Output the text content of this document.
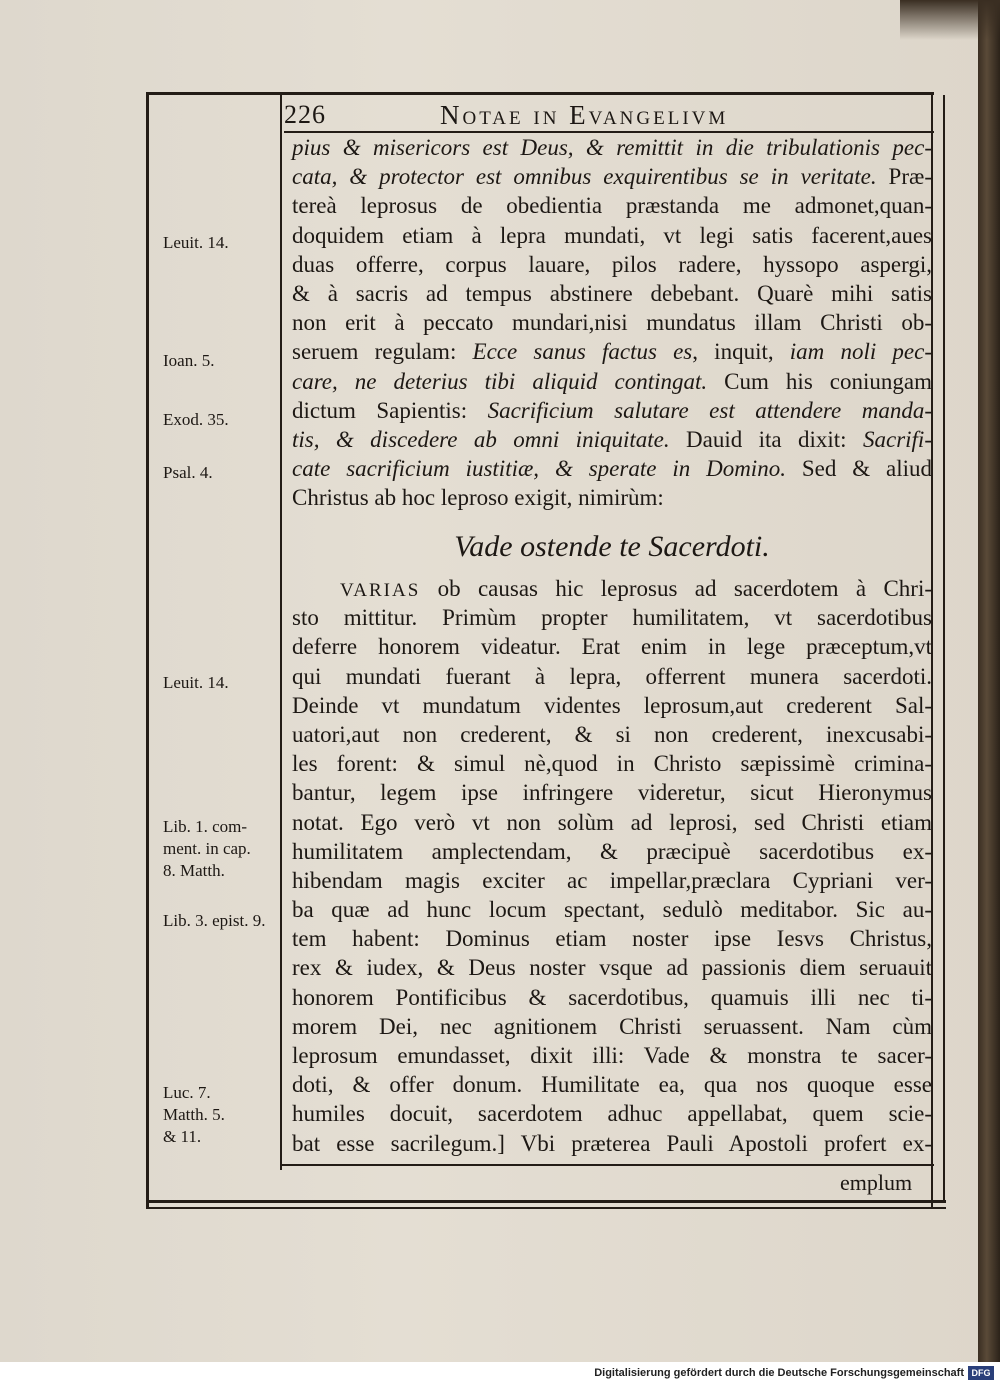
226	Notae in Evangelivm
pius & misericors est Deus, & remittit in die tribulationis pec-
cata, & protector est omnibus exquirentibus se in veritate. Præ-
tereà leprosus de obedientia præstanda me admonet,quan-
doquidem etiam à lepra mundati, vt legi satis facerent,aues
duas offerre, corpus lauare, pilos radere, hyssopo aspergi,
& à sacris ad tempus abstinere debebant. Quarè mihi satis
non erit à peccato mundari,nisi mundatus illam Christi ob-
seruem regulam: Ecce sanus factus es, inquit, iam noli pec-
care, ne deterius tibi aliquid contingat. Cum his coniungam
dictum Sapientis: Sacrificium salutare est attendere manda-
tis, & discedere ab omni iniquitate. Dauid ita dixit: Sacrifi-
cate sacrificium iustitiæ, & sperate in Domino. Sed & aliud
Christus ab hoc leproso exigit, nimirùm:
Vade ostende te Sacerdoti.
VARIAS ob causas hic leprosus ad sacerdotem à Chri-
sto mittitur. Primùm propter humilitatem, vt sacerdotibus
deferre honorem videatur. Erat enim in lege præceptum,vt
qui mundati fuerant à lepra, offerrent munera sacerdoti.
Deinde vt mundatum videntes leprosum,aut crederent Sal-
uatori,aut non crederent, & si non crederent, inexcusabi-
les forent: & simul nè,quod in Christo sæpissimè crimina-
bantur, legem ipse infringere videretur, sicut Hieronymus
notat. Ego verò vt non solùm ad leprosi, sed Christi etiam
humilitatem amplectendam, & præcipuè sacerdotibus ex-
hibendam magis exciter ac impellar,præclara Cypriani ver-
ba quæ ad hunc locum spectant, sedulò meditabor. Sic au-
tem habent: Dominus etiam noster ipse Iesvs Christus,
rex & iudex, & Deus noster vsque ad passionis diem seruauit
honorem Pontificibus & sacerdotibus, quamuis illi nec ti-
morem Dei, nec agnitionem Christi seruassent. Nam cùm
leprosum emundasset, dixit illi: Vade & monstra te sacer-
doti, & offer donum. Humilitate ea, qua nos quoque esse
humiles docuit, sacerdotem adhuc appellabat, quem scie-
bat esse sacrilegum.] Vbi præterea Pauli Apostoli profert ex-
emplum
Leuit. 14.
Ioan. 5.
Exod. 35.
Psal. 4.
Leuit. 14.
Lib. 1. com-
ment. in cap.
8. Matth.
Lib. 3. epist. 9.
Luc. 7.
Matth. 5.
& 11.
Digitalisierung gefördert durch die Deutsche Forschungsgemeinschaft DFG
